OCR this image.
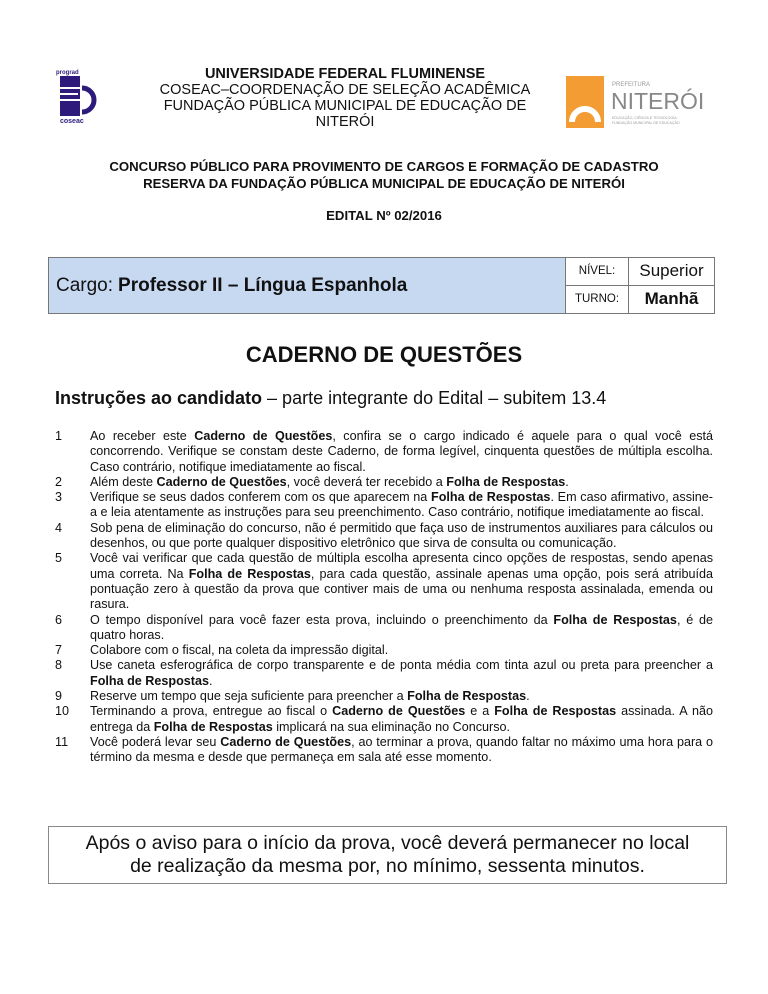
prograd
coseac
UNIVERSIDADE FEDERAL FLUMINENSE
COSEAC–COORDENAÇÃO DE SELEÇÃO ACADÊMICA
FUNDAÇÃO PÚBLICA MUNICIPAL DE EDUCAÇÃO DE
NITERÓI
PREFEITURA
NITERÓI
EDUCAÇÃO, CIÊNCIA E TECNOLOGIA
FUNDAÇÃO MUNICIPAL DE EDUCAÇÃO
CONCURSO PÚBLICO PARA PROVIMENTO DE CARGOS E FORMAÇÃO DE CADASTRO
RESERVA DA FUNDAÇÃO PÚBLICA MUNICIPAL DE EDUCAÇÃO DE NITERÓI
EDITAL Nº 02/2016
Cargo: Professor II – Língua Espanhola
NÍVEL:	Superior
TURNO:	Manhã
CADERNO DE QUESTÕES
Instruções ao candidato – parte integrante do Edital – subitem 13.4
1	Ao receber este Caderno de Questões, confira se o cargo indicado é aquele para o qual você está concorrendo. Verifique se constam deste Caderno, de forma legível, cinquenta questões de múltipla escolha. Caso contrário, notifique imediatamente ao fiscal.
2	Além deste Caderno de Questões, você deverá ter recebido a Folha de Respostas.
3	Verifique se seus dados conferem com os que aparecem na Folha de Respostas. Em caso afirmativo, assine-a e leia atentamente as instruções para seu preenchimento. Caso contrário, notifique imediatamente ao fiscal.
4	Sob pena de eliminação do concurso, não é permitido que faça uso de instrumentos auxiliares para cálculos ou desenhos, ou que porte qualquer dispositivo eletrônico que sirva de consulta ou comunicação.
5	Você vai verificar que cada questão de múltipla escolha apresenta cinco opções de respostas, sendo apenas uma correta. Na Folha de Respostas, para cada questão, assinale apenas uma opção, pois será atribuída pontuação zero à questão da prova que contiver mais de uma ou nenhuma resposta assinalada, emenda ou rasura.
6	O tempo disponível para você fazer esta prova, incluindo o preenchimento da Folha de Respostas, é de quatro horas.
7	Colabore com o fiscal, na coleta da impressão digital.
8	Use caneta esferográfica de corpo transparente e de ponta média com tinta azul ou preta para preencher a Folha de Respostas.
9	Reserve um tempo que seja suficiente para preencher a Folha de Respostas.
10	Terminando a prova, entregue ao fiscal o Caderno de Questões e a Folha de Respostas assinada. A não entrega da Folha de Respostas implicará na sua eliminação no Concurso.
11	Você poderá levar seu Caderno de Questões, ao terminar a prova, quando faltar no máximo uma hora para o término da mesma e desde que permaneça em sala até esse momento.
Após o aviso para o início da prova, você deverá permanecer no local
de realização da mesma por, no mínimo, sessenta minutos.
